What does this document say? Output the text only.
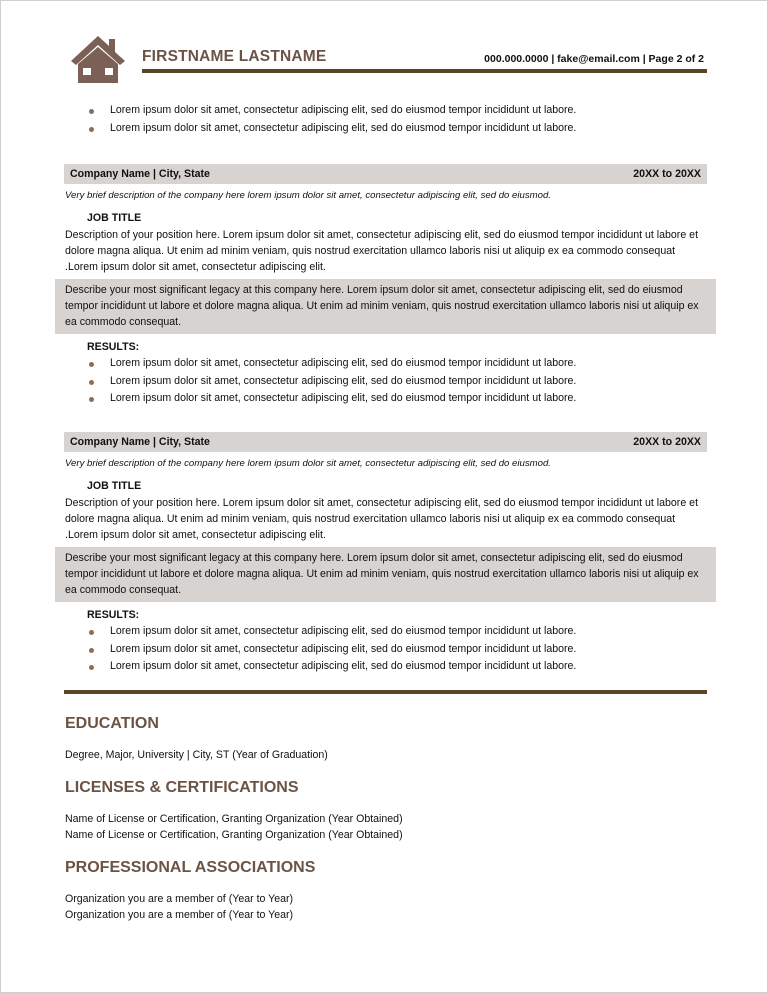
FIRSTNAME LASTNAME	000.000.0000 | fake@email.com | Page 2 of 2
Lorem ipsum dolor sit amet, consectetur adipiscing elit, sed do eiusmod tempor incididunt ut labore.
Lorem ipsum dolor sit amet, consectetur adipiscing elit, sed do eiusmod tempor incididunt ut labore.
Company Name | City, State	20XX to 20XX
Very brief description of the company here lorem ipsum dolor sit amet, consectetur adipiscing elit, sed do eiusmod.
JOB TITLE
Description of your position here. Lorem ipsum dolor sit amet, consectetur adipiscing elit, sed do eiusmod tempor incididunt ut labore et dolore magna aliqua. Ut enim ad minim veniam, quis nostrud exercitation ullamco laboris nisi ut aliquip ex ea commodo consequat .Lorem ipsum dolor sit amet, consectetur adipiscing elit.
Describe your most significant legacy at this company here. Lorem ipsum dolor sit amet, consectetur adipiscing elit, sed do eiusmod tempor incididunt ut labore et dolore magna aliqua. Ut enim ad minim veniam, quis nostrud exercitation ullamco laboris nisi ut aliquip ex ea commodo consequat.
RESULTS:
Lorem ipsum dolor sit amet, consectetur adipiscing elit, sed do eiusmod tempor incididunt ut labore.
Lorem ipsum dolor sit amet, consectetur adipiscing elit, sed do eiusmod tempor incididunt ut labore.
Lorem ipsum dolor sit amet, consectetur adipiscing elit, sed do eiusmod tempor incididunt ut labore.
Company Name | City, State	20XX to 20XX
Very brief description of the company here lorem ipsum dolor sit amet, consectetur adipiscing elit, sed do eiusmod.
JOB TITLE
Description of your position here. Lorem ipsum dolor sit amet, consectetur adipiscing elit, sed do eiusmod tempor incididunt ut labore et dolore magna aliqua. Ut enim ad minim veniam, quis nostrud exercitation ullamco laboris nisi ut aliquip ex ea commodo consequat .Lorem ipsum dolor sit amet, consectetur adipiscing elit.
Describe your most significant legacy at this company here. Lorem ipsum dolor sit amet, consectetur adipiscing elit, sed do eiusmod tempor incididunt ut labore et dolore magna aliqua. Ut enim ad minim veniam, quis nostrud exercitation ullamco laboris nisi ut aliquip ex ea commodo consequat.
RESULTS:
Lorem ipsum dolor sit amet, consectetur adipiscing elit, sed do eiusmod tempor incididunt ut labore.
Lorem ipsum dolor sit amet, consectetur adipiscing elit, sed do eiusmod tempor incididunt ut labore.
Lorem ipsum dolor sit amet, consectetur adipiscing elit, sed do eiusmod tempor incididunt ut labore.
EDUCATION
Degree, Major, University | City, ST (Year of Graduation)
LICENSES & CERTIFICATIONS
Name of License or Certification, Granting Organization (Year Obtained)
Name of License or Certification, Granting Organization (Year Obtained)
PROFESSIONAL ASSOCIATIONS
Organization you are a member of (Year to Year)
Organization you are a member of (Year to Year)
